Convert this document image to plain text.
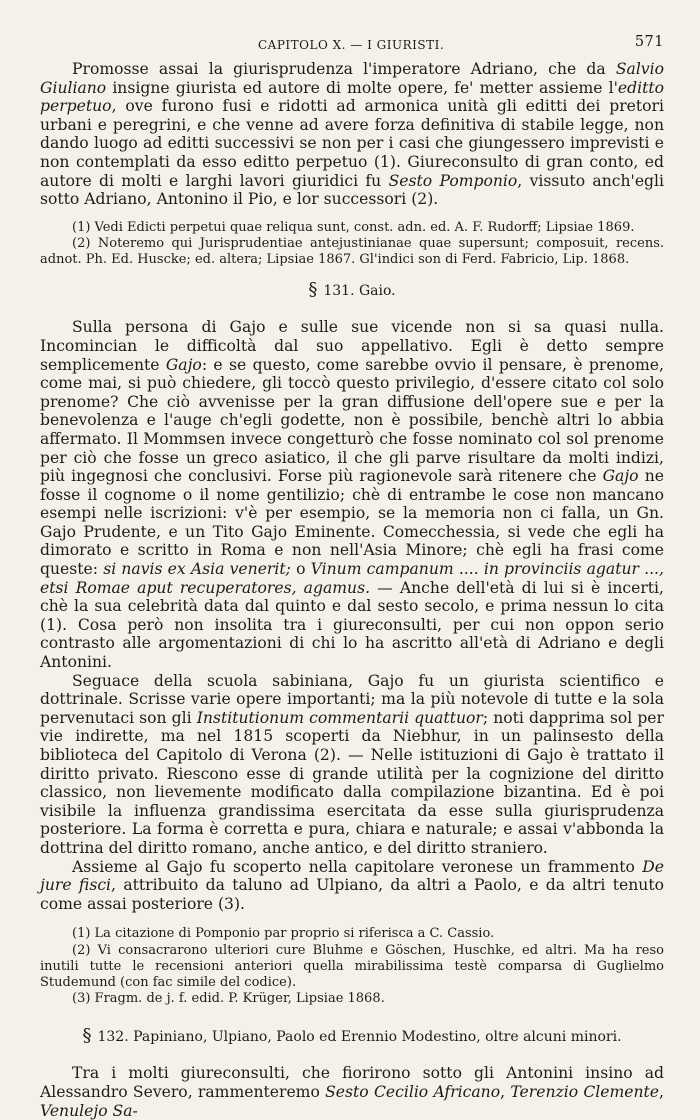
CAPITOLO X. — I GIURISTI.	571

Promosse assai la giurisprudenza l'imperatore Adriano, che da Salvio Giuliano insigne giurista ed autore di molte opere, fe' metter assieme l'editto perpetuo, ove furono fusi e ridotti ad armonica unità gli editti dei pretori urbani e peregrini, e che venne ad avere forza definitiva di stabile legge, non dando luogo ad editti successivi se non per i casi che giungessero imprevisti e non contemplati da esso editto perpetuo (1). Giureconsulto di gran conto, ed autore di molti e larghi lavori giuridici fu Sesto Pomponio, vissuto anch'egli sotto Adriano, Antonino il Pio, e lor successori (2).

(1) Vedi Edicti perpetui quae reliqua sunt, const. adn. ed. A. F. Rudorff; Lipsiae 1869.

(2) Noteremo qui Jurisprudentiae antejustinianae quae supersunt; composuit, recens. adnot. Ph. Ed. Huscke; ed. altera; Lipsiae 1867. Gl'indici son di Ferd. Fabricio, Lip. 1868.

§ 131. Gaio.

Sulla persona di Gajo e sulle sue vicende non si sa quasi nulla. Incomincian le difficoltà dal suo appellativo. Egli è detto sempre semplicemente Gajo: e se questo, come sarebbe ovvio il pensare, è prenome, come mai, si può chiedere, gli toccò questo privilegio, d'essere citato col solo prenome? Che ciò avvenisse per la gran diffusione dell'opere sue e per la benevolenza e l'auge ch'egli godette, non è possibile, benchè altri lo abbia affermato. Il Mommsen invece congetturò che fosse nominato col sol prenome per ciò che fosse un greco asiatico, il che gli parve risultare da molti indizi, più ingegnosi che conclusivi. Forse più ragionevole sarà ritenere che Gajo ne fosse il cognome o il nome gentilizio; chè di entrambe le cose non mancano esempi nelle iscrizioni: v'è per esempio, se la memoria non ci falla, un Gn. Gajo Prudente, e un Tito Gajo Eminente. Comecchessia, si vede che egli ha dimorato e scritto in Roma e non nell'Asia Minore; chè egli ha frasi come queste: si navis ex Asia venerit; o Vinum campanum .... in provinciis agatur ..., etsi Romae aput recuperatores, agamus. — Anche dell'età di lui si è incerti, chè la sua celebrità data dal quinto e dal sesto secolo, e prima nessun lo cita (1). Cosa però non insolita tra i giureconsulti, per cui non oppon serio contrasto alle argomentazioni di chi lo ha ascritto all'età di Adriano e degli Antonini.

Seguace della scuola sabiniana, Gajo fu un giurista scientifico e dottrinale. Scrisse varie opere importanti; ma la più notevole di tutte e la sola pervenutaci son gli Institutionum commentarii quattuor; noti dapprima sol per vie indirette, ma nel 1815 scoperti da Niebhur, in un palinsesto della biblioteca del Capitolo di Verona (2). — Nelle istituzioni di Gajo è trattato il diritto privato. Riescono esse di grande utilità per la cognizione del diritto classico, non lievemente modificato dalla compilazione bizantina. Ed è poi visibile la influenza grandissima esercitata da esse sulla giurisprudenza posteriore. La forma è corretta e pura, chiara e naturale; e assai v'abbonda la dottrina del diritto romano, anche antico, e del diritto straniero.

Assieme al Gajo fu scoperto nella capitolare veronese un frammento De jure fisci, attribuito da taluno ad Ulpiano, da altri a Paolo, e da altri tenuto come assai posteriore (3).

(1) La citazione di Pomponio par proprio si riferisca a C. Cassio.

(2) Vi consacrarono ulteriori cure Bluhme e Göschen, Huschke, ed altri. Ma ha reso inutili tutte le recensioni anteriori quella mirabilissima testè comparsa di Guglielmo Studemund (con fac simile del codice).

(3) Fragm. de j. f. edid. P. Krüger, Lipsiae 1868.

§ 132. Papiniano, Ulpiano, Paolo ed Erennio Modestino, oltre alcuni minori.

Tra i molti giureconsulti, che fiorirono sotto gli Antonini insino ad Alessandro Severo, rammenteremo Sesto Cecilio Africano, Terenzio Clemente, Venulejo Sa-
